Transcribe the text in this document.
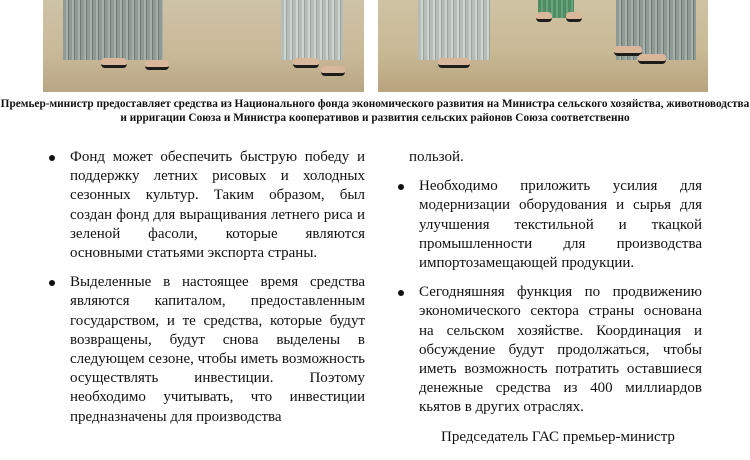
Премьер-министр предоставляет средства из Национального фонда экономического развития на Министра сельского хозяйства, животноводства и ирригации Союза и Министра кооперативов и развития сельских районов Союза соответственно
Фонд может обеспечить быструю победу и поддержку летних рисовых и холодных сезонных культур. Таким образом, был создан фонд для выращивания летнего риса и зеленой фасоли, которые являются основными статьями экспорта страны.
Выделенные в настоящее время средства являются капиталом, предоставленным государством, и те средства, которые будут возвращены, будут снова выделены в следующем сезоне, чтобы иметь возможность осуществлять инвестиции. Поэтому необходимо учитывать, что инвестиции предназначены для производства

пользой.

Необходимо приложить усилия для модернизации оборудования и сырья для улучшения текстильной и ткацкой промышленности для производства импортозамещающей продукции.
Сегодняшняя функция по продвижению экономического сектора страны основана на сельском хозяйстве. Координация и обсуждение будут продолжаться, чтобы иметь возможность потратить оставшиеся денежные средства из 400 миллиардов кьятов в других отраслях.

Председатель ГАС премьер-министр
